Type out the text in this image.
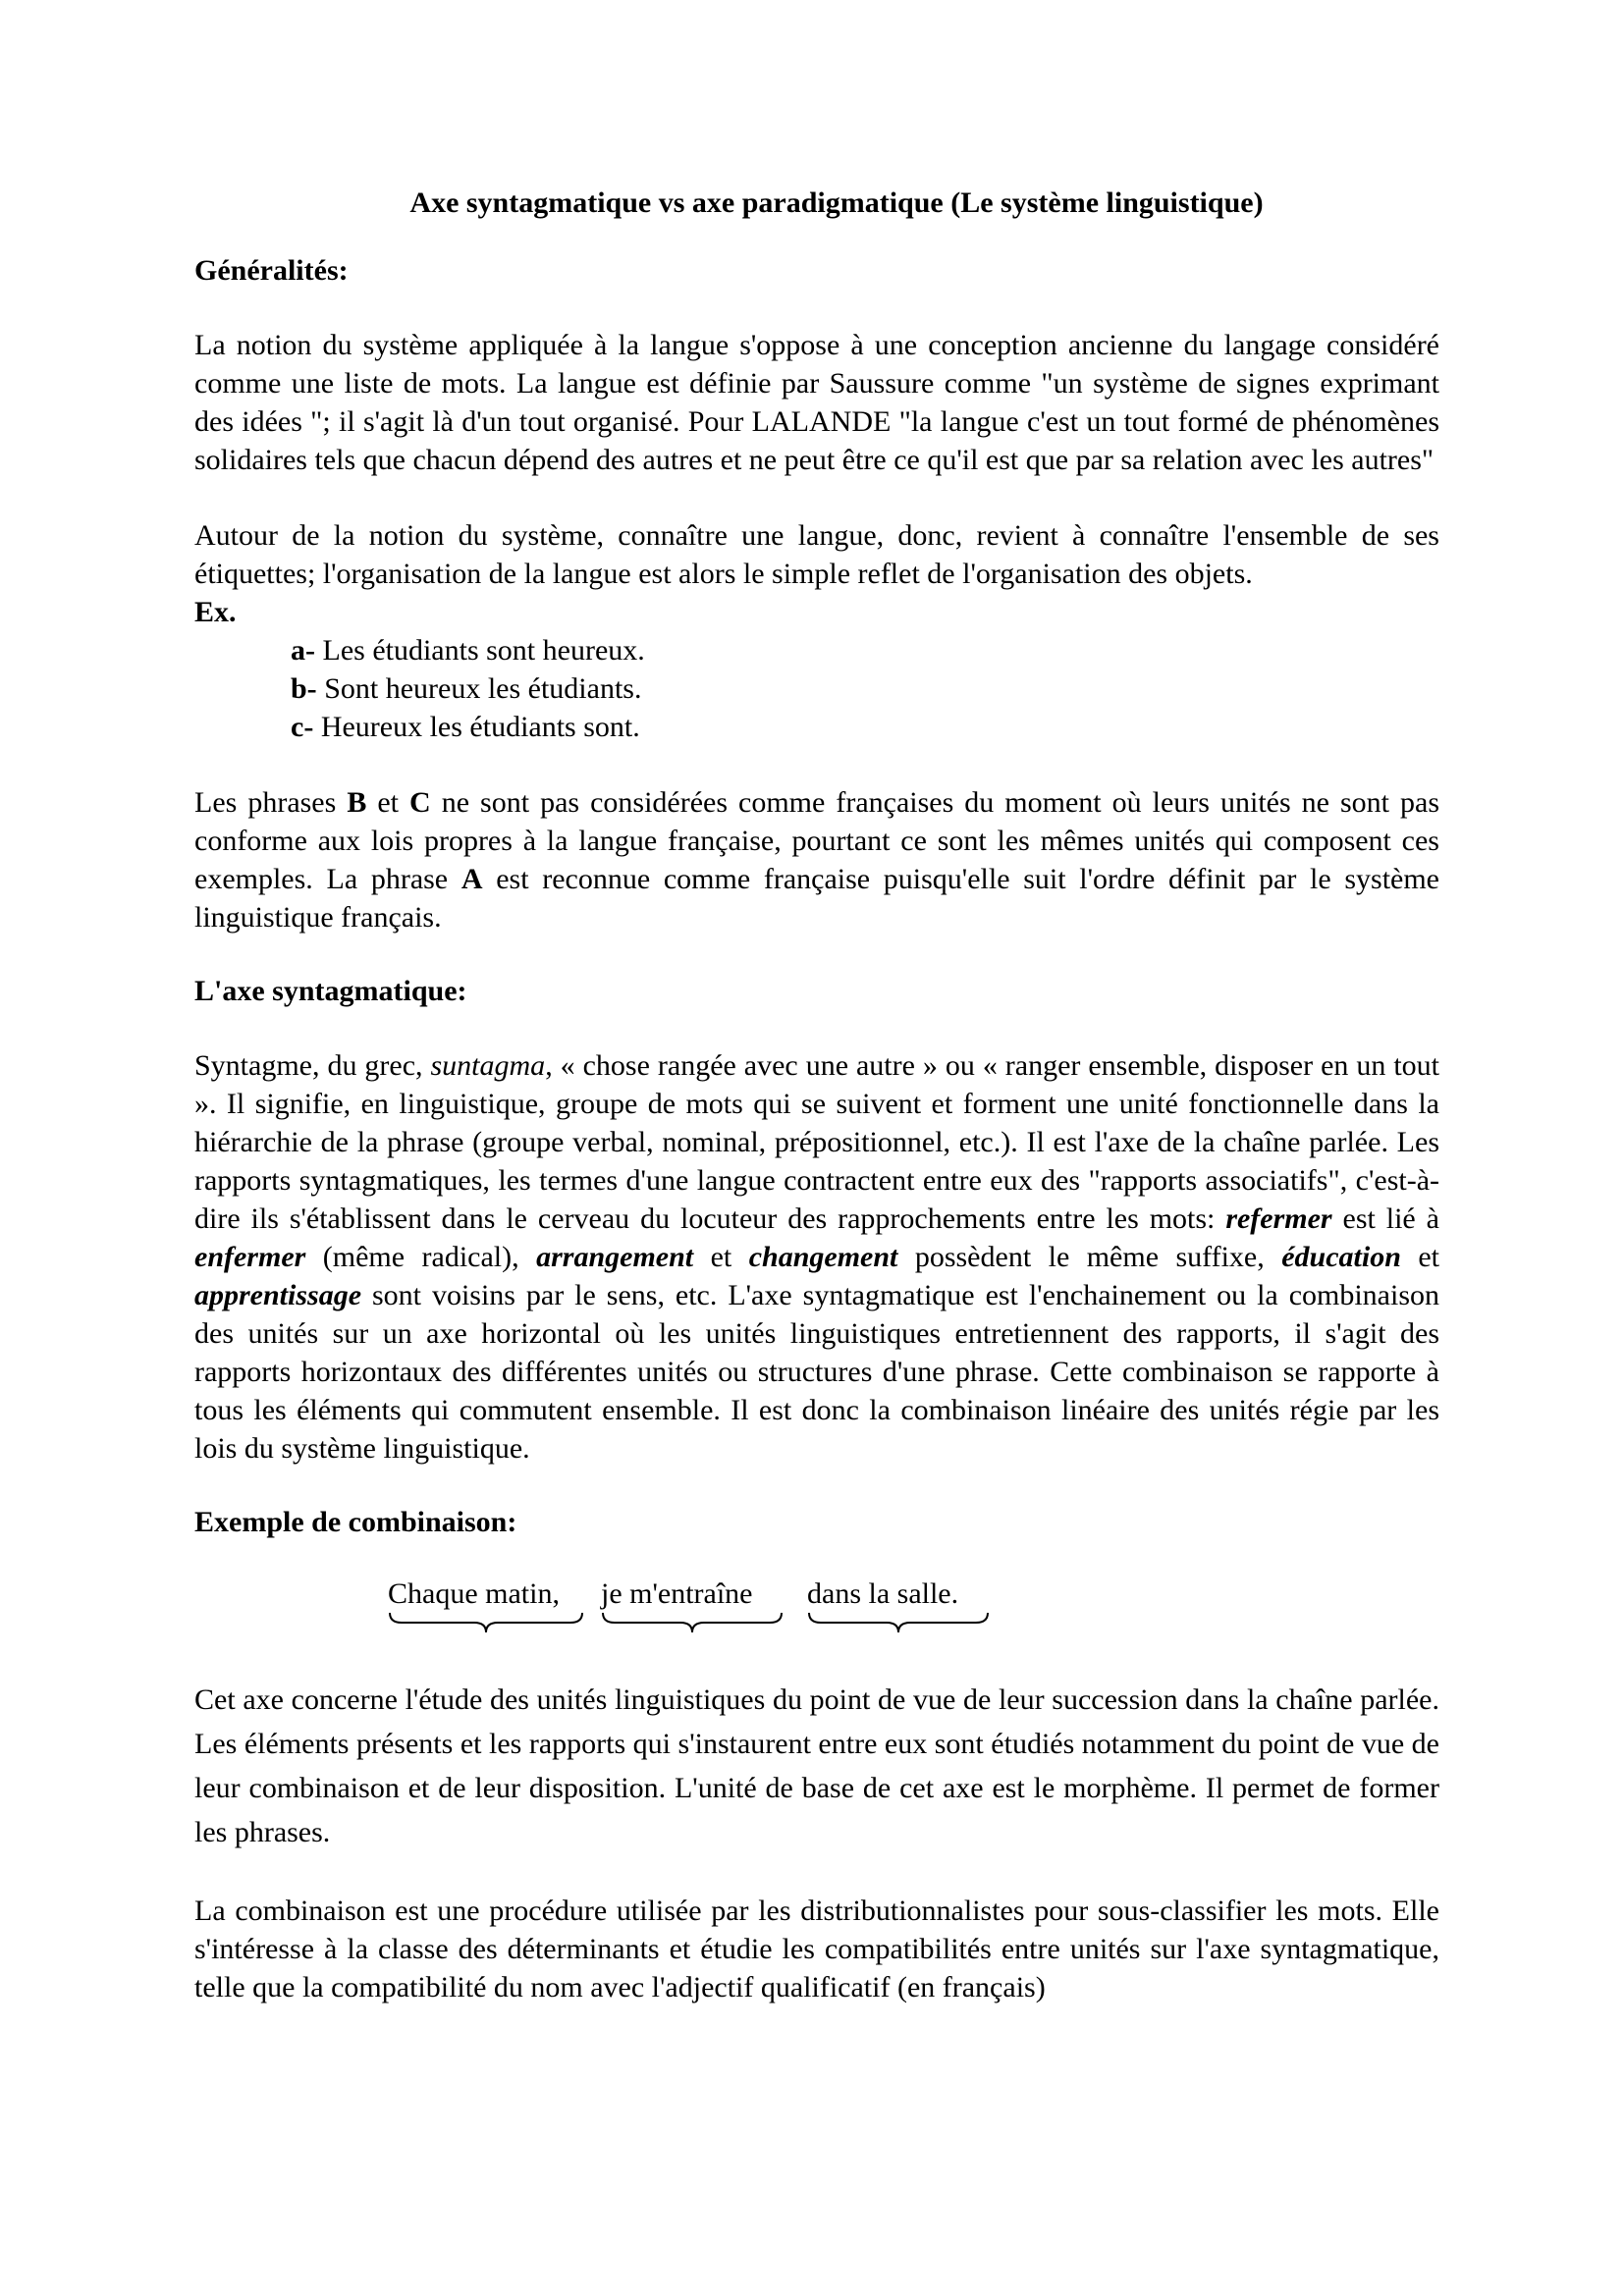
Axe syntagmatique vs axe paradigmatique (Le système linguistique)
Généralités:

La notion du système appliquée à la langue s'oppose à une conception ancienne du langage considéré comme une liste de mots. La langue est définie par Saussure comme "un système de signes exprimant des idées "; il s'agit là d'un tout organisé. Pour LALANDE "la langue c'est un tout formé de phénomènes solidaires tels que chacun dépend des autres et ne peut être ce qu'il est que par sa relation avec les autres"

Autour de la notion du système, connaître une langue, donc, revient à connaître l'ensemble de ses étiquettes; l'organisation de la langue est alors le simple reflet de l'organisation des objets.

Ex.
a- Les étudiants sont heureux.
b- Sont heureux les étudiants.
c- Heureux les étudiants sont.

Les phrases B et C ne sont pas considérées comme françaises du moment où leurs unités ne sont pas conforme aux lois propres à la langue française, pourtant ce sont les mêmes unités qui composent ces exemples. La phrase A est reconnue comme française puisqu'elle suit l'ordre définit par le système linguistique français.

L'axe syntagmatique:

Syntagme, du grec, suntagma, « chose rangée avec une autre » ou « ranger ensemble, disposer en un tout ». Il signifie, en linguistique, groupe de mots qui se suivent et forment une unité fonctionnelle dans la hiérarchie de la phrase (groupe verbal, nominal, prépositionnel, etc.). Il est l'axe de la chaîne parlée. Les rapports syntagmatiques, les termes d'une langue contractent entre eux des "rapports associatifs", c'est-à-dire ils s'établissent dans le cerveau du locuteur des rapprochements entre les mots: refermer est lié à enfermer (même radical), arrangement et changement possèdent le même suffixe, éducation et apprentissage sont voisins par le sens, etc. L'axe syntagmatique est l'enchainement ou la combinaison des unités sur un axe horizontal où les unités linguistiques entretiennent des rapports, il s'agit des rapports horizontaux des différentes unités ou structures d'une phrase. Cette combinaison se rapporte à tous les éléments qui commutent ensemble. Il est donc la combinaison linéaire des unités régie par les lois du système linguistique.

Exemple de combinaison:
Chaque matin,	je m'entraîne	dans la salle.

Cet axe concerne l'étude des unités linguistiques du point de vue de leur succession dans la chaîne parlée. Les éléments présents et les rapports qui s'instaurent entre eux sont étudiés notamment du point de vue de leur combinaison et de leur disposition. L'unité de base de cet axe est le morphème. Il permet de former les phrases.

La combinaison est une procédure utilisée par les distributionnalistes pour sous-classifier les mots. Elle s'intéresse à la classe des déterminants et étudie les compatibilités entre unités sur l'axe syntagmatique, telle que la compatibilité du nom avec l'adjectif qualificatif (en français)
